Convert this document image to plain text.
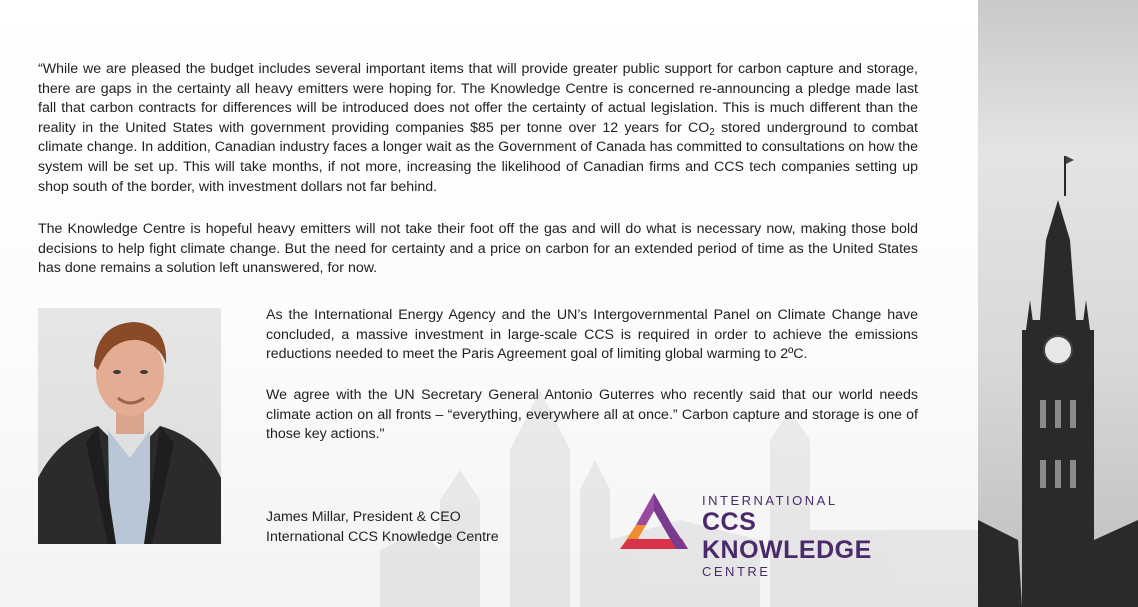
“While we are pleased the budget includes several important items that will provide greater public support for carbon capture and storage, there are gaps in the certainty all heavy emitters were hoping for. The Knowledge Centre is concerned re-announcing a pledge made last fall that carbon contracts for differences will be introduced does not offer the certainty of actual legislation. This is much different than the reality in the United States with government providing companies $85 per tonne over 12 years for $CO_2$ stored underground to combat climate change. In addition, Canadian industry faces a longer wait as the Government of Canada has committed to consultations on how the system will be set up. This will take months, if not more, increasing the likelihood of Canadian firms and CCS tech companies setting up shop south of the border, with investment dollars not far behind.

The Knowledge Centre is hopeful heavy emitters will not take their foot off the gas and will do what is necessary now, making those bold decisions to help fight climate change. But the need for certainty and a price on carbon for an extended period of time as the United States has done remains a solution left unanswered, for now.

As the International Energy Agency and the UN’s Intergovernmental Panel on Climate Change have concluded, a massive investment in large-scale CCS is required in order to achieve the emissions reductions needed to meet the Paris Agreement goal of limiting global warming to 2ºC.

We agree with the UN Secretary General Antonio Guterres who recently said that our world needs climate action on all fronts – “everything, everywhere all at once.” Carbon capture and storage is one of those key actions."

James Millar, President & CEO
International CCS Knowledge Centre
INTERNATIONAL
CCS KNOWLEDGE
CENTRE
